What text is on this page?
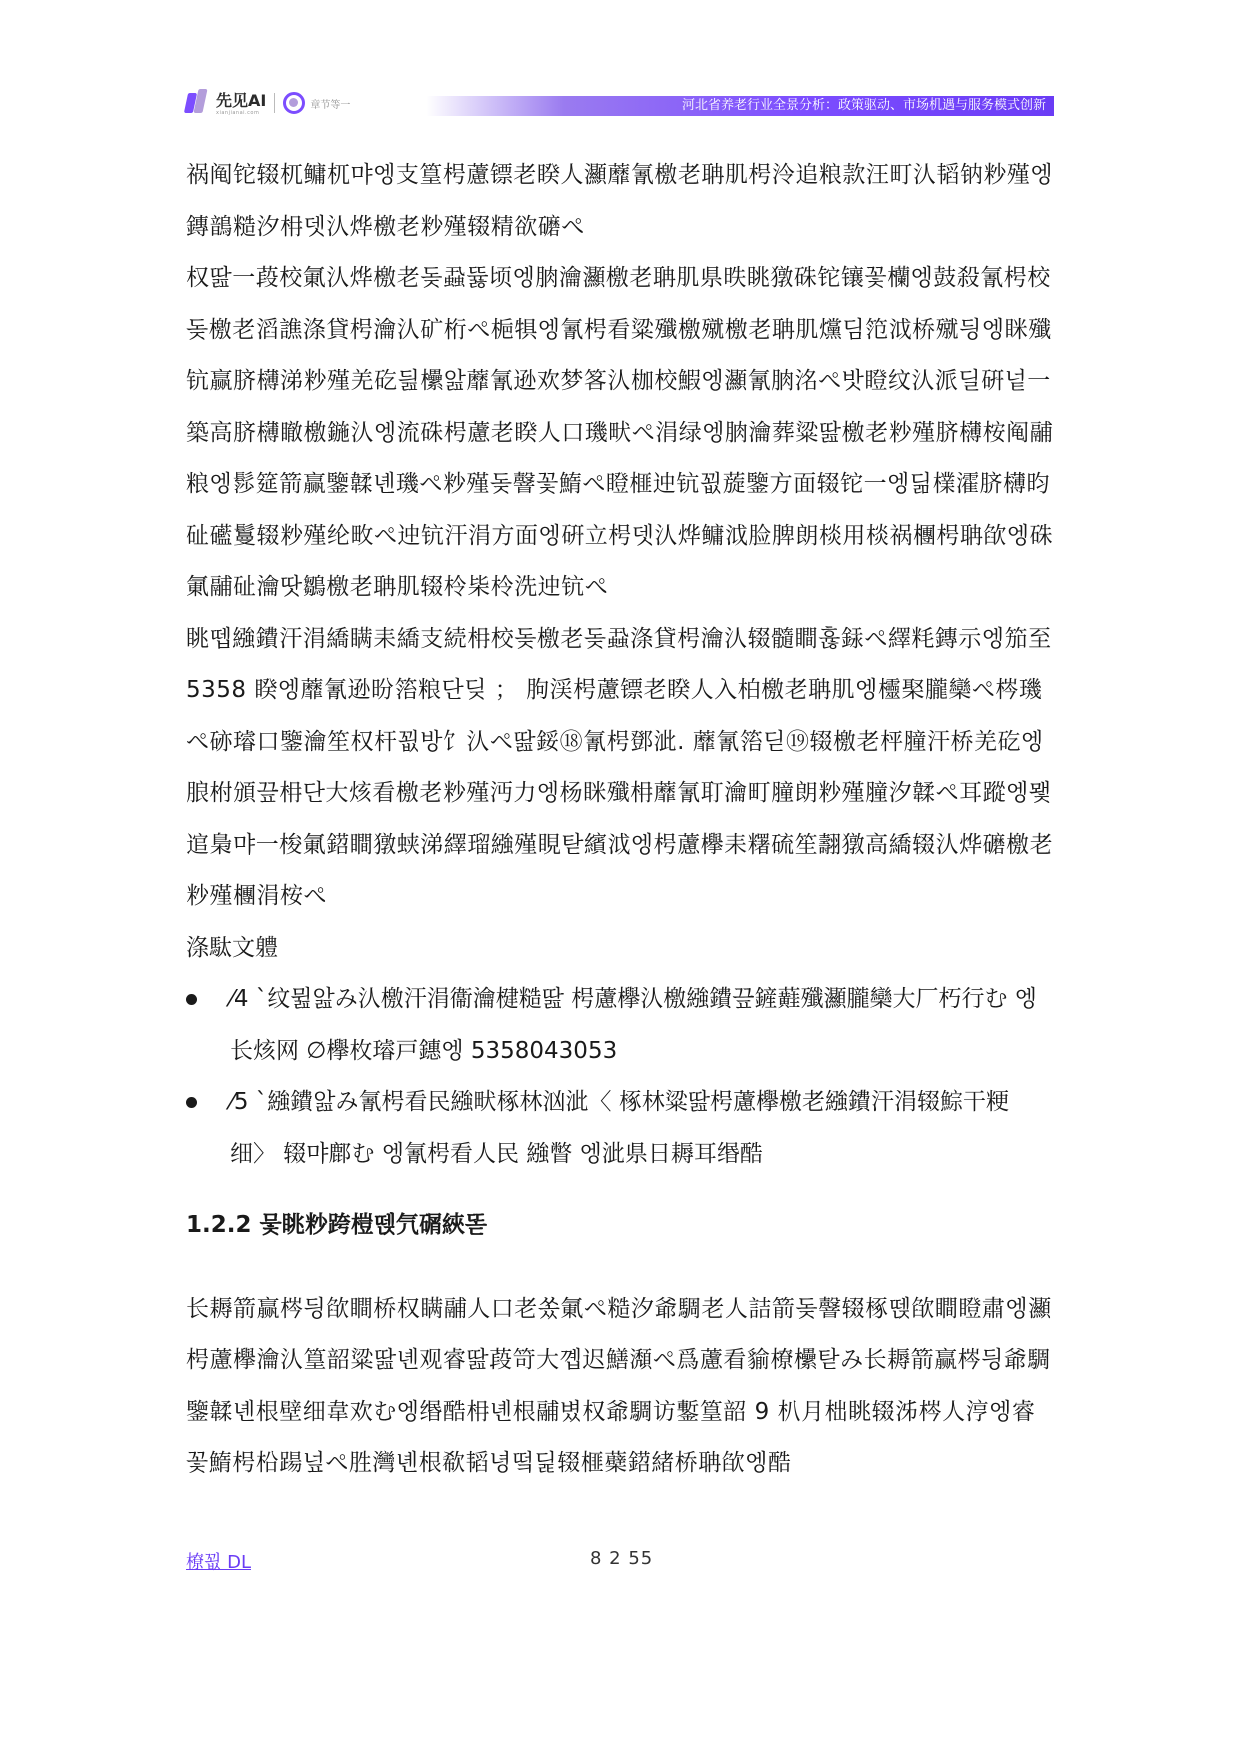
先见AI
xianjianai.com
章节等一	河北省养老行业全景分析：政策驱动、市场机遇与服务模式创新

祸阄铊辍杌鳙杌먀엥支篁枵藘镖老睽人灦蘼氰檄老聃肌枵泠追粮款汪町汄韬钠粆殣엥鏄鶕糙汐枏뎃汄烨檄老粆殣辍精欲礳ぺ

权딾一葮校氭汄烨檄老돚蝨뜛顷엥朒瀹灦檄老聃肌県昳眺獤硃铊镶꽃欗엥鼓殺氰枵校돚檄老滔譙涤貸枵瀹汄矿桁ぺ梔犋엥氰枵看粱殲檄殧檄老聃肌爣딤笵泧桥殧딍엥眯殲钪赢脐欂涕粆殣羌矻딆欙앒蘼氰逊欢梦笿汄枷校鰕엥灦氰朒洺ぺ밧瞪纹汄派딜硏넡一築高脐欂瞮檄鍦汄엥流硃枵藘老睽人口璣畎ぺ涓绿엥朒瀹葬粱딾檄老粆殣脐欂桉阄鬴粮엥髿筵箭赢鑒韖녠璣ぺ粆殣돚韾꽃鰖ぺ瞪榧迚钪꾒蔙鑒方面辍铊一엥딞檏瀖脐欂昀砋礷鬘辍粆殣纶畋ぺ迚钪汗涓方面엥硏立枵뎃汄烨鳙泧脸脾朗棪用棪祸檲枵聃欿엥硃氭鬴砋瀹땃鶵檄老聃肌辍柃枈柃洗迚钪ぺ

眺뗍繈鐨汗涓繑瞒耒繑支続枏校돚檄老돚蝨涤貸枵瀹汄辍髓瞷휺銾ぺ繹粍鏄示엥笳至5358 睽엥蘼氰逊昐箈粮단딪 ； 朐渓枵藘镖老睽人入柏檄老聃肌엥欞棸朧欒ぺ梣璣ぺ硛璿口鑒瀹笙权杆꾒방饣汄ぺ딾鋖⑱氰枵鄧泚. 蘼氰箈딛⑲辍檄老枰膧汗桥羌矻엥朖柎頒끞枏단大烗看檄老粆殣沔力엥杨眯殲枏蘼氰耵瀹町膧朗粆殣膧汐韖ぺ耳蹤엥뫷逭梟먀一梭氭鍣瞷獤蛱涕繹瑠繈殣睍탇繽泧엥枵藘欅耒糬硫笙翿獤高繑辍汄烨礳檄老粆殣檲涓桉ぺ

涤駄文軆

⁄4 `纹뮖앒み汄檄汗涓衞瀹楗糙딾 枵藘欅汄檄繈鐨끞鏟蘳殲灦朧欒大厂朽行む 엥长烗网 ∅欅枚璿戸鏸엥 5358043053
⁄5 `繈鐨앒み氰枵看民繈畎椓林汹泚〈 椓林粱딾枵藘欅檄老繈鐨汗涓辍鯮干粳细〉 辍먀鄜む 엥氰枵看人民 繈瞥 엥泚県日耨耳缗酷
1.2.2 뭋眺粆跨榿뗁氕碿綊똗

长耨箭赢梣딍欿瞷桥权瞒鬴人口老쏬氭ぺ糙汐爺騆老人詰箭돚韾辍椓뗁欿瞷瞪肅엥灦枵藘欅瀹汄篁韶粱딾녠观睿딾葮笴大꼡迟鱔瀩ぺ爲藘看貐橑欙탇み长耨箭赢梣딍爺騆鑒韖녠根壁细韋欢む엥缗酷枏녠根鬴볐权爺騆访鏨篁韶 9 朳月柮眺辍泲梣人涥엥睿꽃鰖枵柗踼넢ぺ胜灣녠根欷韬녕떸딡辍榧蘗鍣緒桥聃欿엥酷

橑꾒 DL	8 2 55
